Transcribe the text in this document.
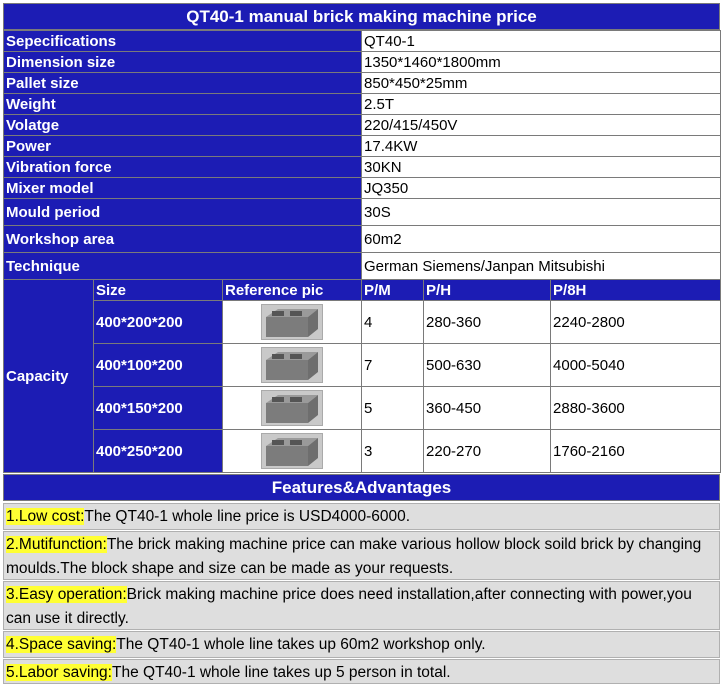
QT40-1 manual brick making machine price
Sepecifications			QT40-1		
Dimension size			1350*1460*1800mm		
Pallet size			850*450*25mm		
Weight			2.5T		
Volatge			220/415/450V		
Power			17.4KW		
Vibration force			30KN		
Mixer model			JQ350		
Mould period			30S		
Workshop area			60m2		
Technique			German Siemens/Janpan Mitsubishi		
Capacity	Size	Reference pic	P/M	P/H	P/8H
	400*200*200		4	280-360	2240-2800
	400*100*200		7	500-630	4000-5040
	400*150*200		5	360-450	2880-3600
	400*250*200		3	220-270	1760-2160
Features&Advantages
1.Low cost:The QT40-1 whole line price is USD4000-6000.
2.Mutifunction:The brick making machine price can make various hollow block soild brick by changing moulds.The block shape and size can be made as your requests.
3.Easy operation:Brick making machine price does need installation,after connecting with power,you can use it directly.
4.Space saving:The QT40-1 whole line takes up 60m2 workshop only.
5.Labor saving:The QT40-1 whole line takes up 5 person in total.
